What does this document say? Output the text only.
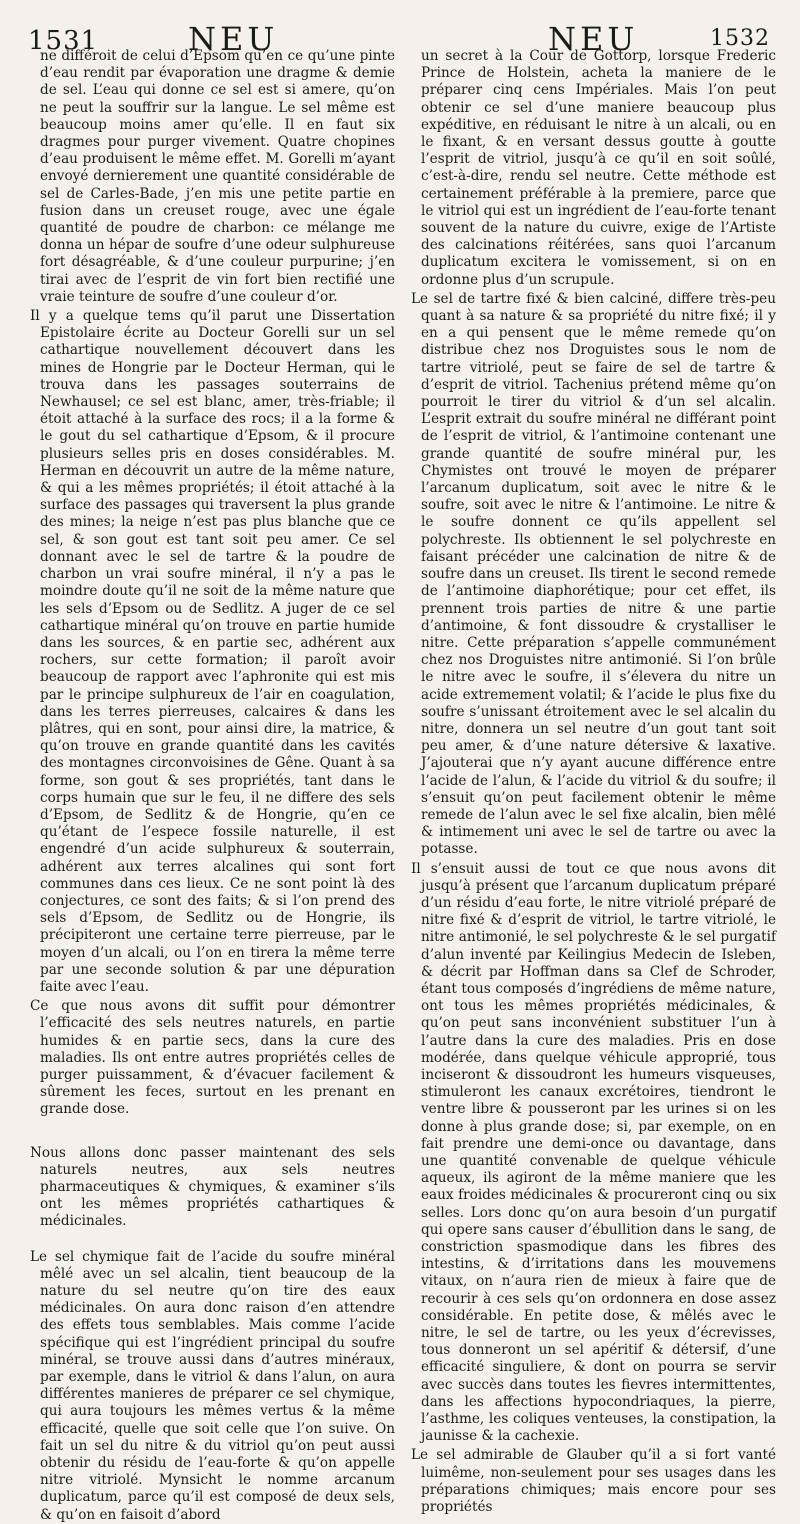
1531	NEU	NEU	1532

ne différoit de celui d’Epsom qu’en ce qu’une pinte d’eau rendit par évaporation une dragme & demie de sel. L’eau qui donne ce sel est si amere, qu’on ne peut la souffrir sur la langue. Le sel même est beaucoup moins amer qu’elle. Il en faut six dragmes pour purger vivement. Quatre chopines d’eau produisent le même effet. M. Gorelli m’ayant envoyé dernierement une quantité considérable de sel de Carles-Bade, j’en mis une petite partie en fusion dans un creuset rouge, avec une égale quantité de poudre de charbon: ce mélange me donna un hépar de soufre d’une odeur sulphureuse fort désagréable, & d’une couleur purpurine; j’en tirai avec de l’esprit de vin fort bien rectifié une vraie teinture de soufre d’une couleur d’or.

Il y a quelque tems qu’il parut une Dissertation Epistolaire écrite au Docteur Gorelli sur un sel cathartique nouvellement découvert dans les mines de Hongrie par le Docteur Herman, qui le trouva dans les passages souterrains de Newhausel; ce sel est blanc, amer, très-friable; il étoit attaché à la surface des rocs; il a la forme & le gout du sel cathartique d’Epsom, & il procure plusieurs selles pris en doses considérables. M. Herman en découvrit un autre de la même nature, & qui a les mêmes propriétés; il étoit attaché à la surface des passages qui traversent la plus grande des mines; la neige n’est pas plus blanche que ce sel, & son gout est tant soit peu amer. Ce sel donnant avec le sel de tartre & la poudre de charbon un vrai soufre minéral, il n’y a pas le moindre doute qu’il ne soit de la même nature que les sels d’Epsom ou de Sedlitz. A juger de ce sel cathartique minéral qu’on trouve en partie humide dans les sources, & en partie sec, adhérent aux rochers, sur cette formation; il paroît avoir beaucoup de rapport avec l’aphronite qui est mis par le principe sulphureux de l’air en coagulation, dans les terres pierreuses, calcaires & dans les plâtres, qui en sont, pour ainsi dire, la matrice, & qu’on trouve en grande quantité dans les cavités des montagnes circonvoisines de Gêne. Quant à sa forme, son gout & ses propriétés, tant dans le corps humain que sur le feu, il ne differe des sels d’Epsom, de Sedlitz & de Hongrie, qu’en ce qu’étant de l’espece fossile naturelle, il est engendré d’un acide sulphureux & souterrain, adhérent aux terres alcalines qui sont fort communes dans ces lieux. Ce ne sont point là des conjectures, ce sont des faits; & si l’on prend des sels d’Epsom, de Sedlitz ou de Hongrie, ils précipiteront une certaine terre pierreuse, par le moyen d’un alcali, ou l’on en tirera la même terre par une seconde solution & par une dépuration faite avec l’eau.

Ce que nous avons dit suffit pour démontrer l’efficacité des sels neutres naturels, en partie humides & en partie secs, dans la cure des maladies. Ils ont entre autres propriétés celles de purger puissamment, & d’évacuer facilement & sûrement les feces, surtout en les prenant en grande dose.

Nous allons donc passer maintenant des sels naturels neutres, aux sels neutres pharmaceutiques & chymiques, & examiner s’ils ont les mêmes propriétés cathartiques & médicinales.

Le sel chymique fait de l’acide du soufre minéral mêlé avec un sel alcalin, tient beaucoup de la nature du sel neutre qu’on tire des eaux médicinales. On aura donc raison d’en attendre des effets tous semblables. Mais comme l’acide spécifique qui est l’ingrédient principal du soufre minéral, se trouve aussi dans d’autres minéraux, par exemple, dans le vitriol & dans l’alun, on aura différentes manieres de préparer ce sel chymique, qui aura toujours les mêmes vertus & la même efficacité, quelle que soit celle que l’on suive. On fait un sel du nitre & du vitriol qu’on peut aussi obtenir du résidu de l’eau-forte & qu’on appelle nitre vitriolé. Mynsicht le nomme arcanum duplicatum, parce qu’il est composé de deux sels, & qu’on en faisoit d’abord

un secret à la Cour de Gottorp, lorsque Frederic Prince de Holstein, acheta la maniere de le préparer cinq cens Impériales. Mais l’on peut obtenir ce sel d’une maniere beaucoup plus expéditive, en réduisant le nitre à un alcali, ou en le fixant, & en versant dessus goutte à goutte l’esprit de vitriol, jusqu’à ce qu’il en soit soûlé, c’est-à-dire, rendu sel neutre. Cette méthode est certainement préférable à la premiere, parce que le vitriol qui est un ingrédient de l’eau-forte tenant souvent de la nature du cuivre, exige de l’Artiste des calcinations réitérées, sans quoi l’arcanum duplicatum excitera le vomissement, si on en ordonne plus d’un scrupule.

Le sel de tartre fixé & bien calciné, differe très-peu quant à sa nature & sa propriété du nitre fixé; il y en a qui pensent que le même remede qu’on distribue chez nos Droguistes sous le nom de tartre vitriolé, peut se faire de sel de tartre & d’esprit de vitriol. Tachenius prétend même qu’on pourroit le tirer du vitriol & d’un sel alcalin. L’esprit extrait du soufre minéral ne différant point de l’esprit de vitriol, & l’antimoine contenant une grande quantité de soufre minéral pur, les Chymistes ont trouvé le moyen de préparer l’arcanum duplicatum, soit avec le nitre & le soufre, soit avec le nitre & l’antimoine. Le nitre & le soufre donnent ce qu’ils appellent sel polychreste. Ils obtiennent le sel polychreste en faisant précéder une calcination de nitre & de soufre dans un creuset. Ils tirent le second remede de l’antimoine diaphorétique; pour cet effet, ils prennent trois parties de nitre & une partie d’antimoine, & font dissoudre & crystalliser le nitre. Cette préparation s’appelle communément chez nos Droguistes nitre antimonié. Si l’on brûle le nitre avec le soufre, il s’élevera du nitre un acide extremement volatil; & l’acide le plus fixe du soufre s’unissant étroitement avec le sel alcalin du nitre, donnera un sel neutre d’un gout tant soit peu amer, & d’une nature détersive & laxative. J’ajouterai que n’y ayant aucune différence entre l’acide de l’alun, & l’acide du vitriol & du soufre; il s’ensuit qu’on peut facilement obtenir le même remede de l’alun avec le sel fixe alcalin, bien mêlé & intimement uni avec le sel de tartre ou avec la potasse.

Il s’ensuit aussi de tout ce que nous avons dit jusqu’à présent que l’arcanum duplicatum préparé d’un résidu d’eau forte, le nitre vitriolé préparé de nitre fixé & d’esprit de vitriol, le tartre vitriolé, le nitre antimonié, le sel polychreste & le sel purgatif d’alun inventé par Keilingius Medecin de Isleben, & décrit par Hoffman dans sa Clef de Schroder, étant tous composés d’ingrédiens de même nature, ont tous les mêmes propriétés médicinales, & qu’on peut sans inconvénient substituer l’un à l’autre dans la cure des maladies. Pris en dose modérée, dans quelque véhicule approprié, tous inciseront & dissoudront les humeurs visqueuses, stimuleront les canaux excrétoires, tiendront le ventre libre & pousseront par les urines si on les donne à plus grande dose; si, par exemple, on en fait prendre une demi-once ou davantage, dans une quantité convenable de quelque véhicule aqueux, ils agiront de la même maniere que les eaux froides médicinales & procureront cinq ou six selles. Lors donc qu’on aura besoin d’un purgatif qui opere sans causer d’ébullition dans le sang, de constriction spasmodique dans les fibres des intestins, & d’irritations dans les mouvemens vitaux, on n’aura rien de mieux à faire que de recourir à ces sels qu’on ordonnera en dose assez considérable. En petite dose, & mêlés avec le nitre, le sel de tartre, ou les yeux d’écrevisses, tous donneront un sel apéritif & détersif, d’une efficacité singuliere, & dont on pourra se servir avec succès dans toutes les fievres intermittentes, dans les affections hypocondriaques, la pierre, l’asthme, les coliques venteuses, la constipation, la jaunisse & la cachexie.

Le sel admirable de Glauber qu’il a si fort vanté luimême, non-seulement pour ses usages dans les préparations chimiques; mais encore pour ses propriétés
